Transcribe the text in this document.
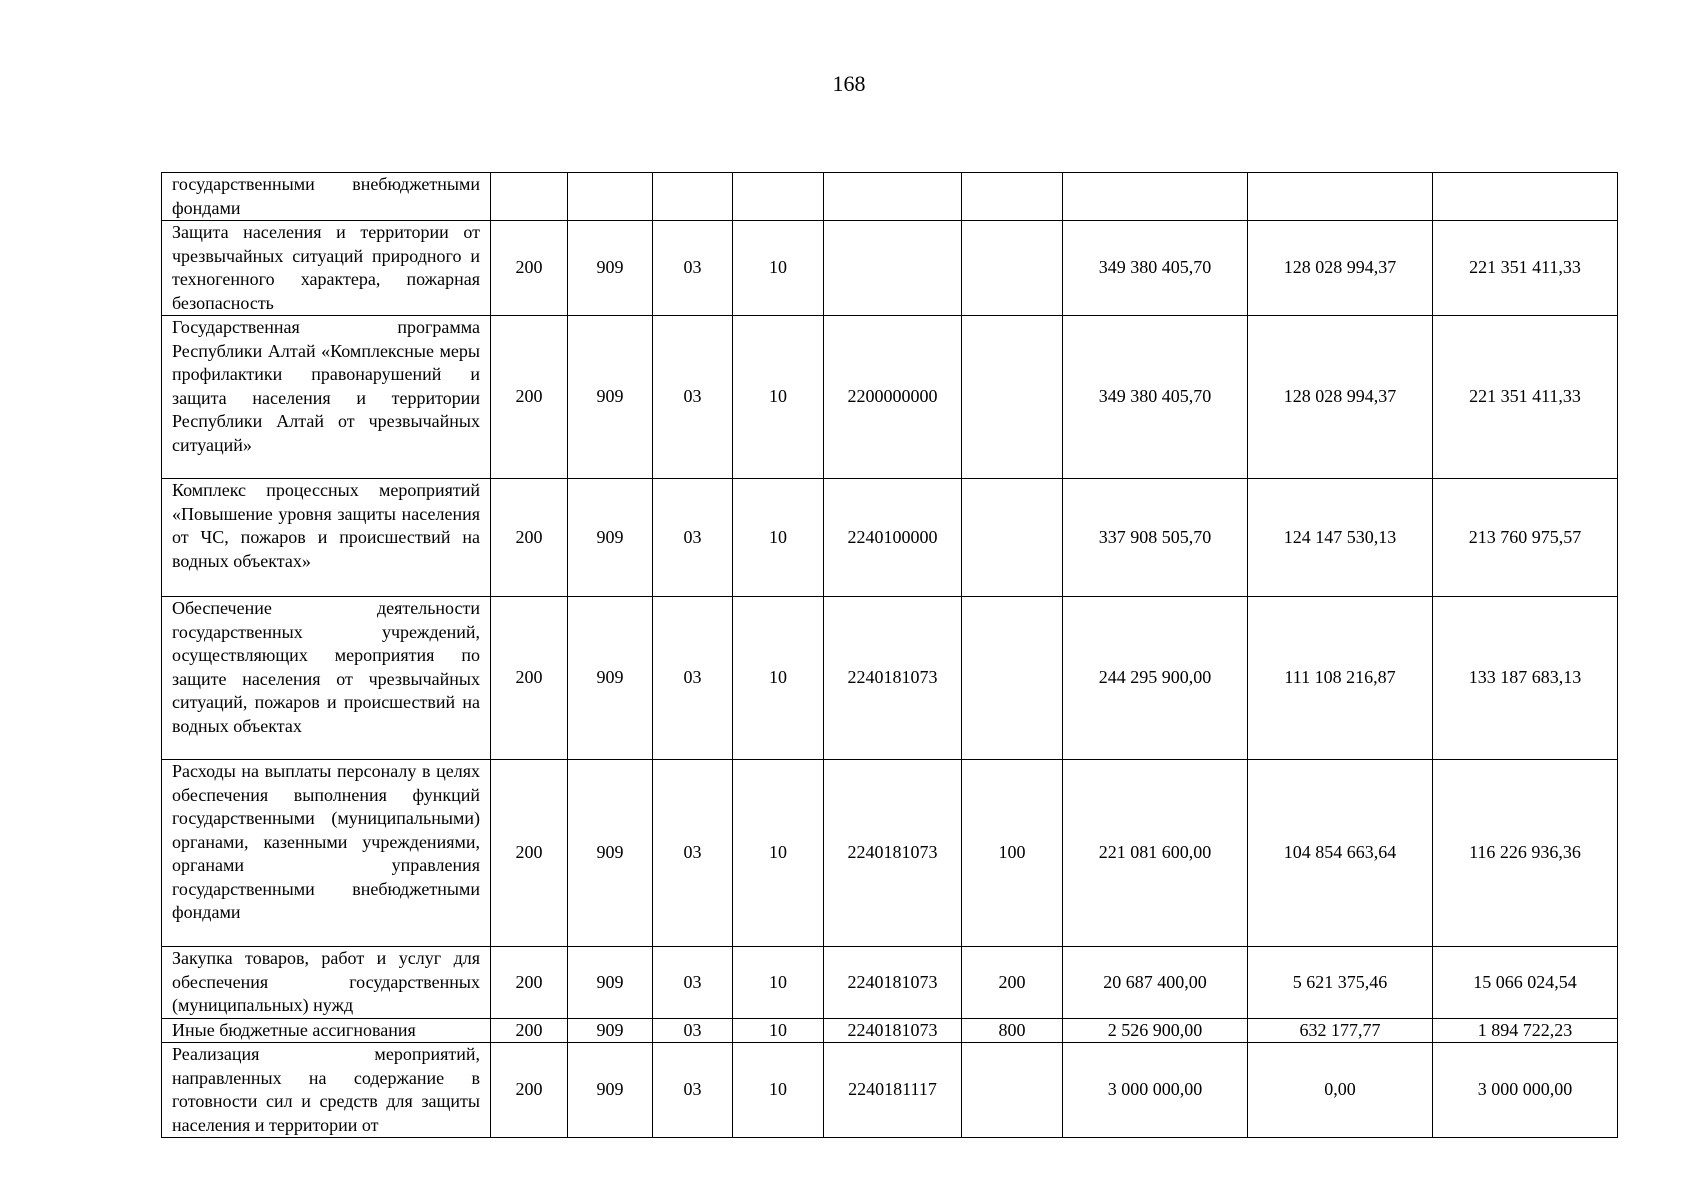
168
государственными внебюджетными фондами									
Защита населения и территории от чрезвычайных ситуаций природного и техногенного характера, пожарная безопасность	200	909	03	10			349 380 405,70	128 028 994,37	221 351 411,33
Государственная программа Республики Алтай «Комплексные меры профилактики правонарушений и защита населения и территории Республики Алтай от чрезвычайных ситуаций»	200	909	03	10	2200000000		349 380 405,70	128 028 994,37	221 351 411,33
Комплекс процессных мероприятий «Повышение уровня защиты населения от ЧС, пожаров и происшествий на водных объектах»	200	909	03	10	2240100000		337 908 505,70	124 147 530,13	213 760 975,57
Обеспечение деятельности государственных учреждений, осуществляющих мероприятия по защите населения от чрезвычайных ситуаций, пожаров и происшествий на водных объектах	200	909	03	10	2240181073		244 295 900,00	111 108 216,87	133 187 683,13
Расходы на выплаты персоналу в целях обеспечения выполнения функций государственными (муниципальными) органами, казенными учреждениями, органами управления государственными внебюджетными фондами	200	909	03	10	2240181073	100	221 081 600,00	104 854 663,64	116 226 936,36
Закупка товаров, работ и услуг для обеспечения государственных (муниципальных) нужд	200	909	03	10	2240181073	200	20 687 400,00	5 621 375,46	15 066 024,54
Иные бюджетные ассигнования	200	909	03	10	2240181073	800	2 526 900,00	632 177,77	1 894 722,23
Реализация мероприятий, направленных на содержание в готовности сил и средств для защиты населения и территории от	200	909	03	10	2240181117		3 000 000,00	0,00	3 000 000,00
